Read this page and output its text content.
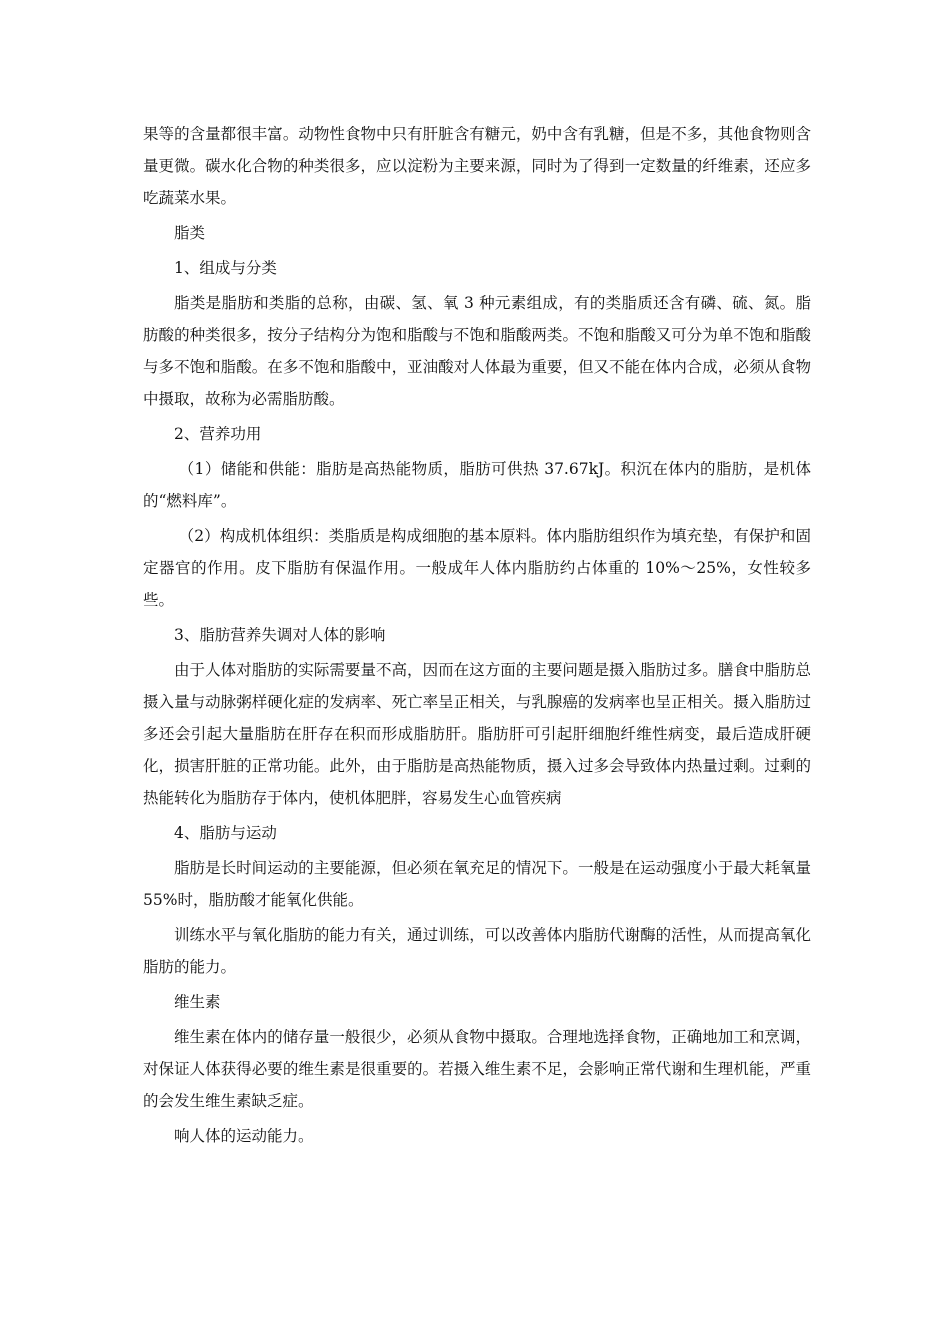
果等的含量都很丰富。动物性食物中只有肝脏含有糖元，奶中含有乳糖，但是不多，其他食物则含量更微。碳水化合物的种类很多，应以淀粉为主要来源，同时为了得到一定数量的纤维素，还应多吃蔬菜水果。

脂类

1、组成与分类

脂类是脂肪和类脂的总称，由碳、氢、氧 3 种元素组成，有的类脂质还含有磷、硫、氮。脂肪酸的种类很多，按分子结构分为饱和脂酸与不饱和脂酸两类。不饱和脂酸又可分为单不饱和脂酸与多不饱和脂酸。在多不饱和脂酸中，亚油酸对人体最为重要，但又不能在体内合成，必须从食物中摄取，故称为必需脂肪酸。

2、营养功用

（1）储能和供能：脂肪是高热能物质，脂肪可供热 37.67kJ。积沉在体内的脂肪，是机体的“燃料库”。

（2）构成机体组织：类脂质是构成细胞的基本原料。体内脂肪组织作为填充垫，有保护和固定器官的作用。皮下脂肪有保温作用。一般成年人体内脂肪约占体重的 10%～25%，女性较多些。

3、脂肪营养失调对人体的影响

由于人体对脂肪的实际需要量不高，因而在这方面的主要问题是摄入脂肪过多。膳食中脂肪总摄入量与动脉粥样硬化症的发病率、死亡率呈正相关，与乳腺癌的发病率也呈正相关。摄入脂肪过多还会引起大量脂肪在肝存在积而形成脂肪肝。脂肪肝可引起肝细胞纤维性病变，最后造成肝硬化，损害肝脏的正常功能。此外，由于脂肪是高热能物质，摄入过多会导致体内热量过剩。过剩的热能转化为脂肪存于体内，使机体肥胖，容易发生心血管疾病

4、脂肪与运动

脂肪是长时间运动的主要能源，但必须在氧充足的情况下。一般是在运动强度小于最大耗氧量 55%时，脂肪酸才能氧化供能。

训练水平与氧化脂肪的能力有关，通过训练，可以改善体内脂肪代谢酶的活性，从而提高氧化脂肪的能力。

维生素

维生素在体内的储存量一般很少，必须从食物中摄取。合理地选择食物，正确地加工和烹调，对保证人体获得必要的维生素是很重要的。若摄入维生素不足，会影响正常代谢和生理机能，严重的会发生维生素缺乏症。

响人体的运动能力。
